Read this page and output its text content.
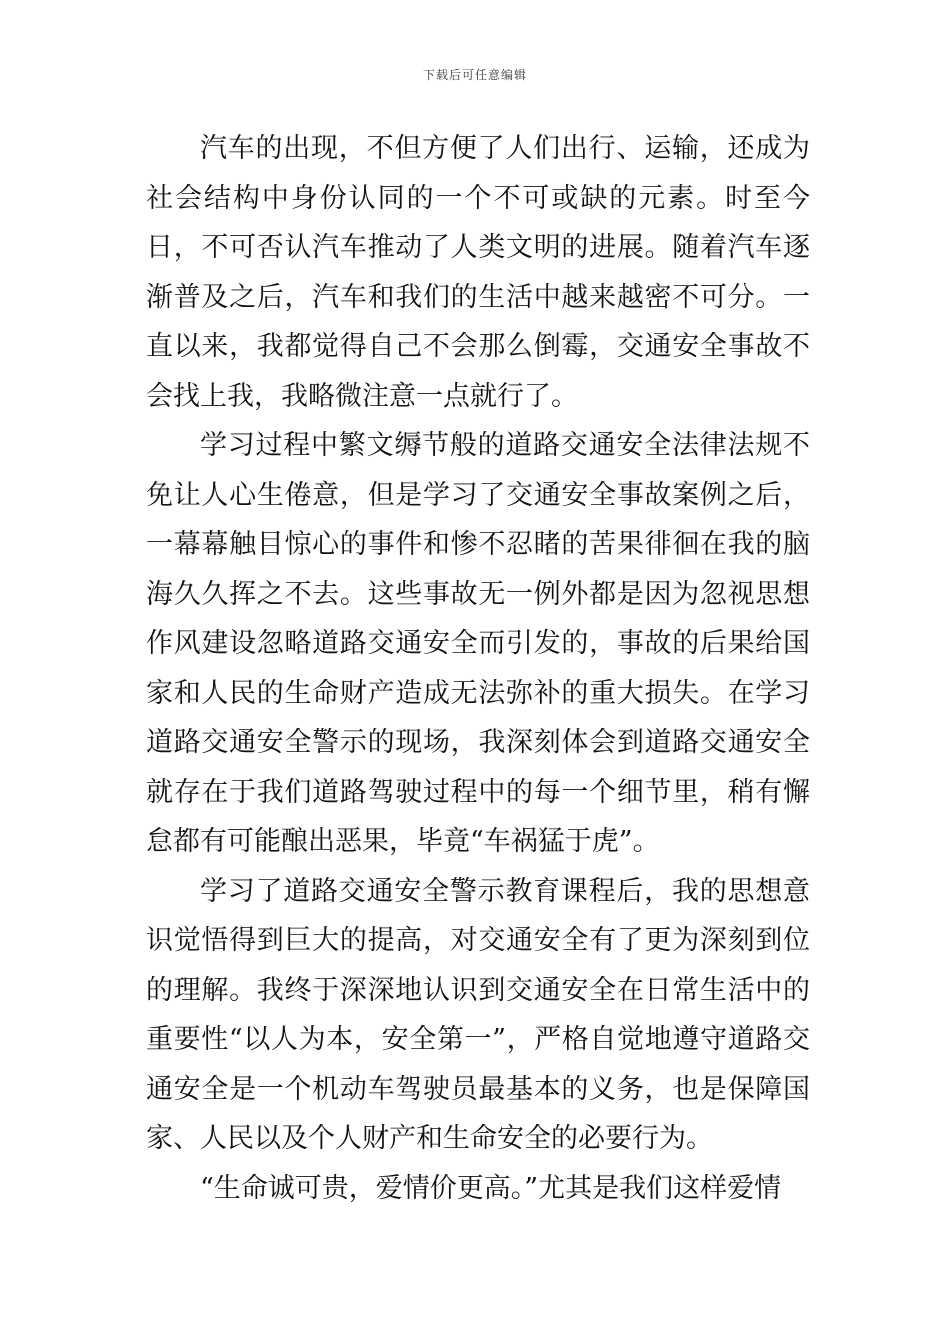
下载后可任意编辑

汽车的出现，不但方便了人们出行、运输，还成为社会结构中身份认同的一个不可或缺的元素。时至今日，不可否认汽车推动了人类文明的进展。随着汽车逐渐普及之后，汽车和我们的生活中越来越密不可分。一直以来，我都觉得自己不会那么倒霉，交通安全事故不会找上我，我略微注意一点就行了。

学习过程中繁文缛节般的道路交通安全法律法规不免让人心生倦意，但是学习了交通安全事故案例之后，一幕幕触目惊心的事件和惨不忍睹的苦果徘徊在我的脑海久久挥之不去。这些事故无一例外都是因为忽视思想作风建设忽略道路交通安全而引发的，事故的后果给国家和人民的生命财产造成无法弥补的重大损失。在学习道路交通安全警示的现场，我深刻体会到道路交通安全就存在于我们道路驾驶过程中的每一个细节里，稍有懈怠都有可能酿出恶果，毕竟“车祸猛于虎”。

学习了道路交通安全警示教育课程后，我的思想意识觉悟得到巨大的提高，对交通安全有了更为深刻到位的理解。我终于深深地认识到交通安全在日常生活中的重要性“以人为本，安全第一”，严格自觉地遵守道路交通安全是一个机动车驾驶员最基本的义务，也是保障国家、人民以及个人财产和生命安全的必要行为。

“生命诚可贵，爱情价更高。”尤其是我们这样爱情
